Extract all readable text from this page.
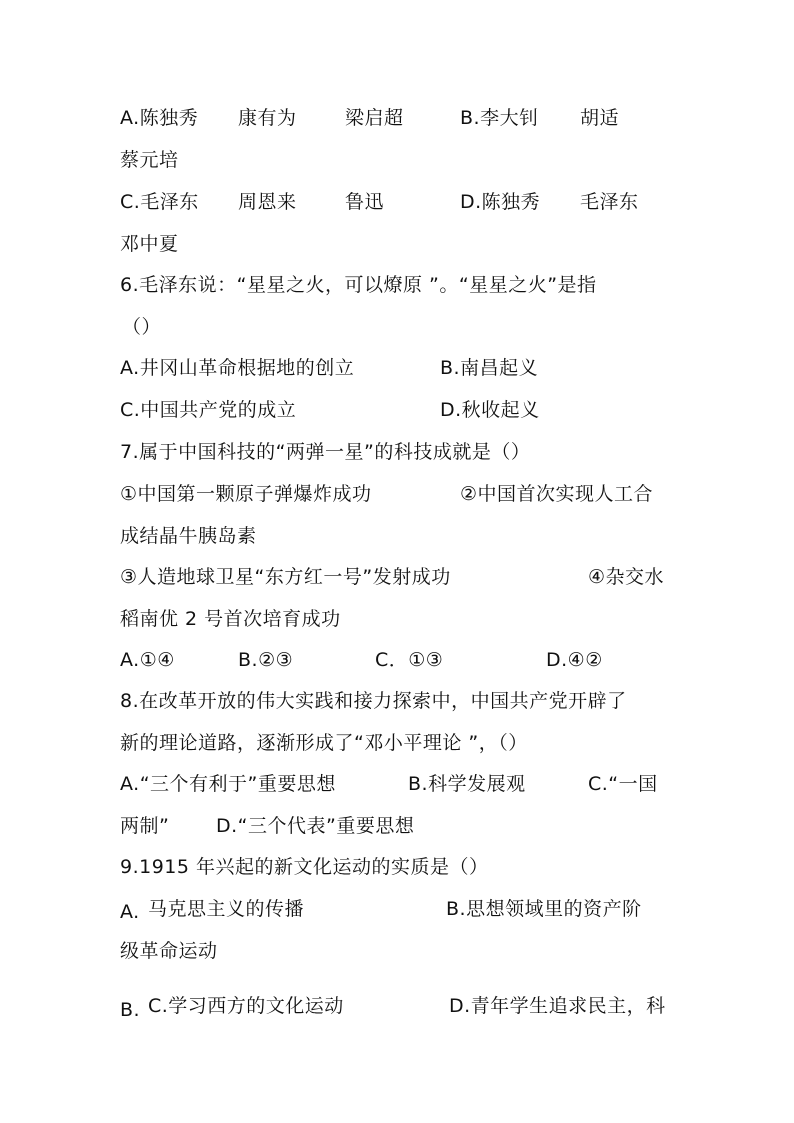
A.陈独秀 康有为	梁启超	B.李大钊 胡适
蔡元培
C.毛泽东 周恩来	鲁迅	D.陈独秀 毛泽东
邓中夏
6.毛泽东说：“星星之火，可以燎原 ”。“星星之火”是指
（）
A.井冈山革命根据地的创立	B.南昌起义
C.中国共产党的成立	D.秋收起义
7.属于中国科技的“两弹一星”的科技成就是（）
①中国第一颗原子弹爆炸成功	②中国首次实现人工合
成结晶牛胰岛素
③人造地球卫星“东方红一号”发射成功	④杂交水
稻南优 2 号首次培育成功
A.①④	B.②③	C．①③	D.④②
8.在改革开放的伟大实践和接力探索中，中国共产党开辟了
新的理论道路，逐渐形成了“邓小平理论 ”，（）
A.“三个有利于”重要思想	B.科学发展观	C.“一国
两制” D.“三个代表”重要思想
9.1915 年兴起的新文化运动的实质是（）
A. 马克思主义的传播	B.思想领域里的资产阶
级革命运动
B. C.学习西方的文化运动	D.青年学生追求民主，科
